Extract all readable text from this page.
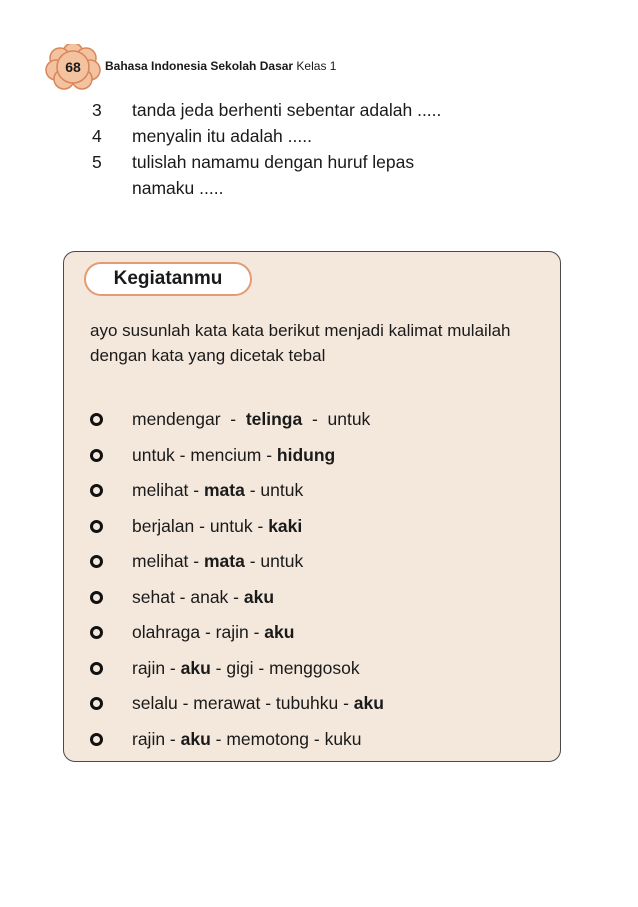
68	Bahasa Indonesia Sekolah Dasar Kelas 1
3	tanda jeda berhenti sebentar adalah .....
4	menyalin itu adalah .....
5	tulislah namamu dengan huruf lepas namaku .....
Kegiatanmu
ayo susunlah kata kata berikut menjadi kalimat mulailah dengan kata yang dicetak tebal
mendengar  -  telinga  -  untuk
untuk - mencium - hidung
melihat - mata - untuk
berjalan - untuk - kaki
melihat - mata - untuk
sehat - anak - aku
olahraga - rajin - aku
rajin - aku - gigi - menggosok
selalu - merawat - tubuhku - aku
rajin - aku - memotong - kuku
